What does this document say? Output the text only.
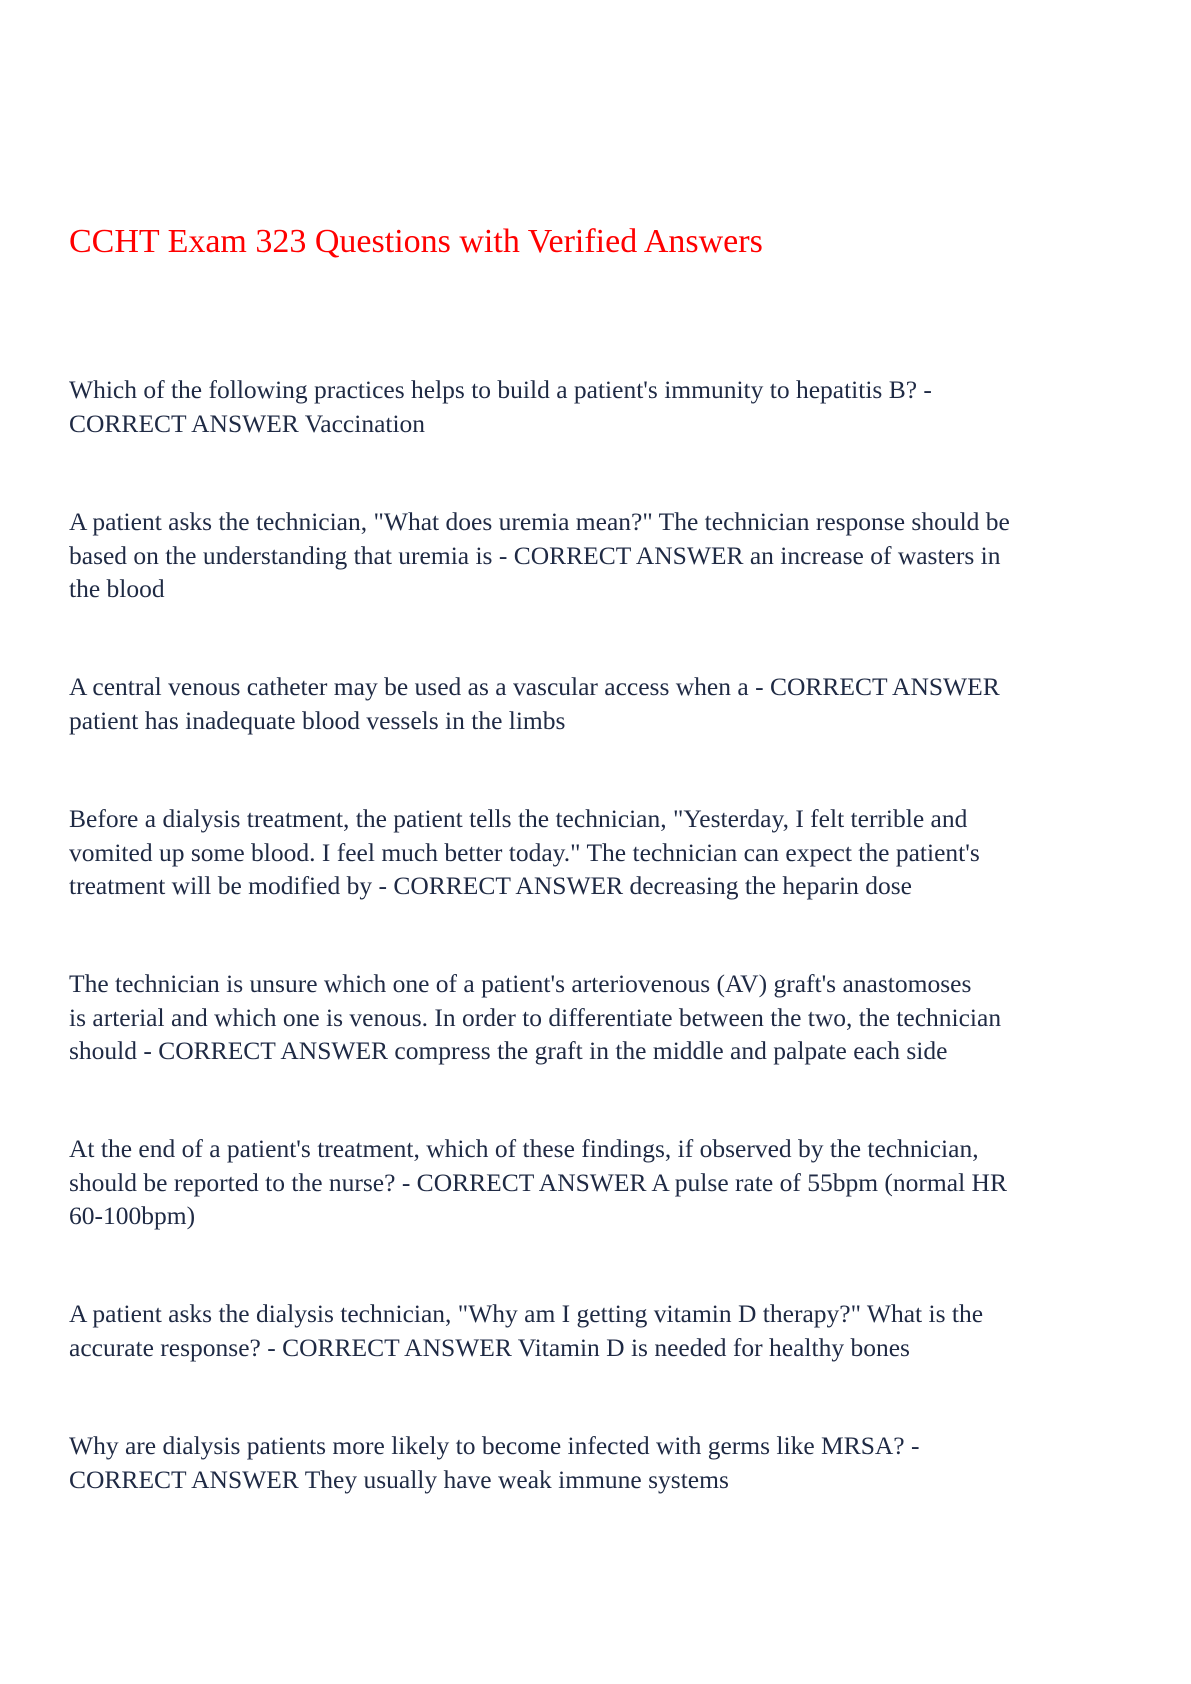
CCHT Exam 323 Questions with Verified Answers

Which of the following practices helps to build a patient's immunity to hepatitis B? -
CORRECT ANSWER Vaccination

A patient asks the technician, "What does uremia mean?" The technician response should be
based on the understanding that uremia is - CORRECT ANSWER an increase of wasters in
the blood

A central venous catheter may be used as a vascular access when a - CORRECT ANSWER
patient has inadequate blood vessels in the limbs

Before a dialysis treatment, the patient tells the technician, "Yesterday, I felt terrible and
vomited up some blood. I feel much better today." The technician can expect the patient's
treatment will be modified by - CORRECT ANSWER decreasing the heparin dose

The technician is unsure which one of a patient's arteriovenous (AV) graft's anastomoses
is arterial and which one is venous. In order to differentiate between the two, the technician
should - CORRECT ANSWER compress the graft in the middle and palpate each side

At the end of a patient's treatment, which of these findings, if observed by the technician,
should be reported to the nurse? - CORRECT ANSWER A pulse rate of 55bpm (normal HR
60-100bpm)

A patient asks the dialysis technician, "Why am I getting vitamin D therapy?" What is the
accurate response? - CORRECT ANSWER Vitamin D is needed for healthy bones

Why are dialysis patients more likely to become infected with germs like MRSA? -
CORRECT ANSWER They usually have weak immune systems
